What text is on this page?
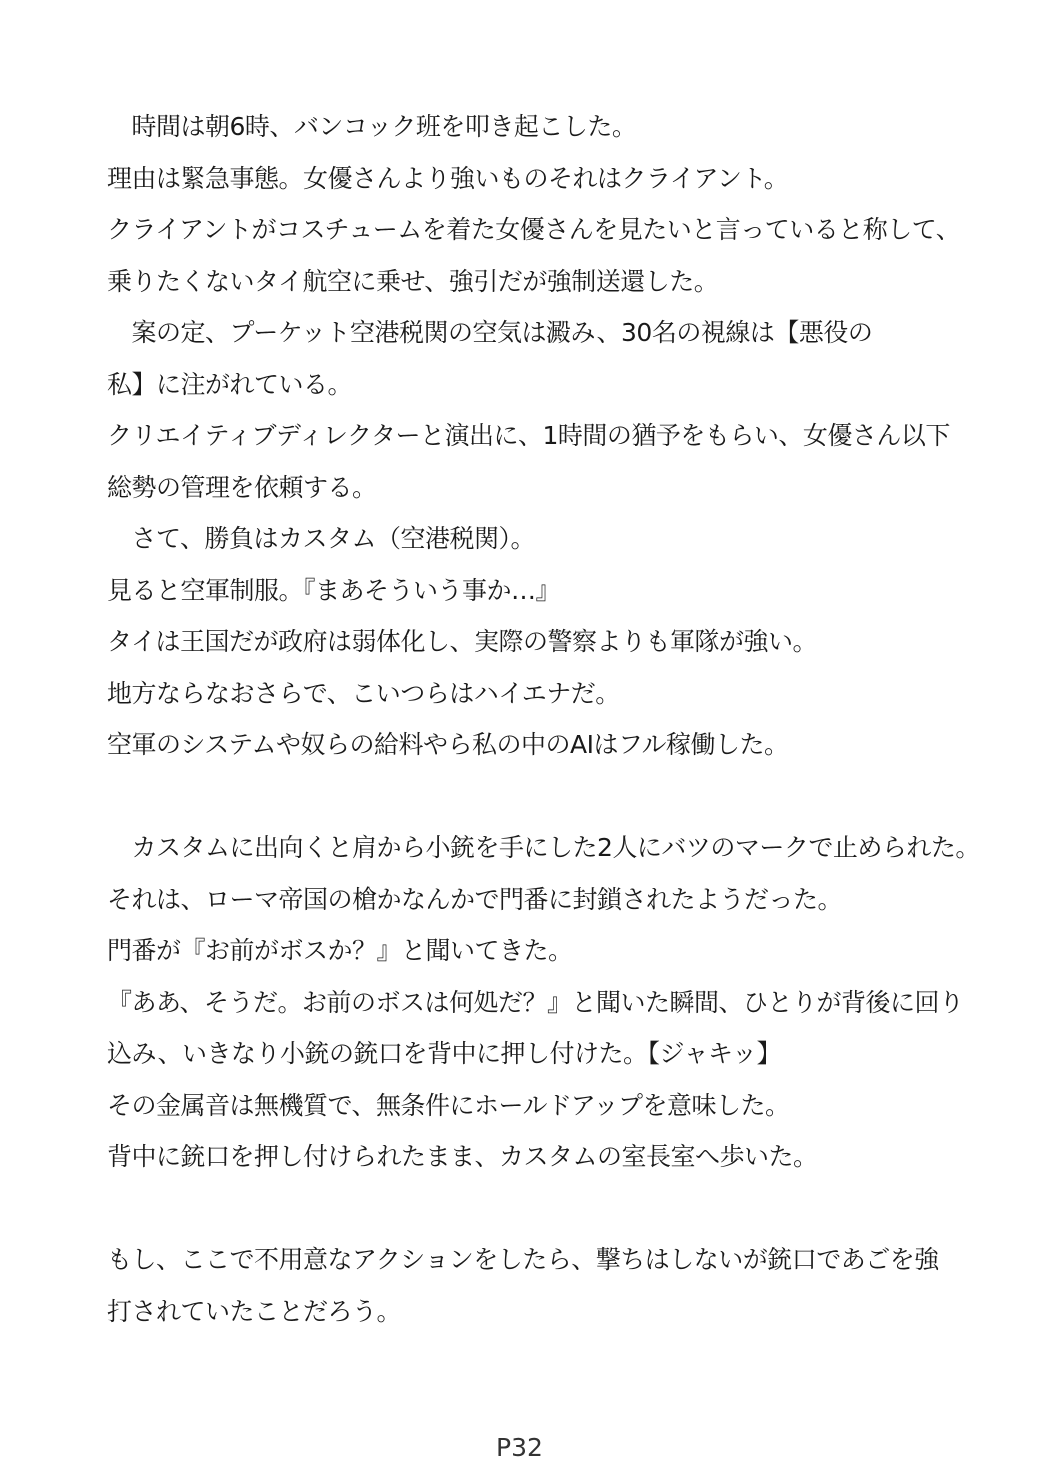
　時間は朝6時、バンコック班を叩き起こした。
理由は緊急事態。女優さんより強いものそれはクライアント。
クライアントがコスチュームを着た女優さんを見たいと言っていると称して、
乗りたくないタイ航空に乗せ、強引だが強制送還した。
　案の定、プーケット空港税関の空気は澱み、30名の視線は【悪役の
私】に注がれている。
クリエイティブディレクターと演出に、1時間の猶予をもらい、女優さん以下
総勢の管理を依頼する。
　さて、勝負はカスタム（空港税関）。
見ると空軍制服。『まあそういう事か…』
タイは王国だが政府は弱体化し、実際の警察よりも軍隊が強い。
地方ならなおさらで、こいつらはハイエナだ。
空軍のシステムや奴らの給料やら私の中のAIはフル稼働した。
　カスタムに出向くと肩から小銃を手にした2人にバツのマークで止められた。
それは、ローマ帝国の槍かなんかで門番に封鎖されたようだった。
門番が『お前がボスか？』と聞いてきた。
『ああ、そうだ。お前のボスは何処だ？』と聞いた瞬間、ひとりが背後に回り
込み、いきなり小銃の銃口を背中に押し付けた。【ジャキッ】
その金属音は無機質で、無条件にホールドアップを意味した。
背中に銃口を押し付けられたまま、カスタムの室長室へ歩いた。
もし、ここで不用意なアクションをしたら、撃ちはしないが銃口であごを強
打されていたことだろう。
P32
